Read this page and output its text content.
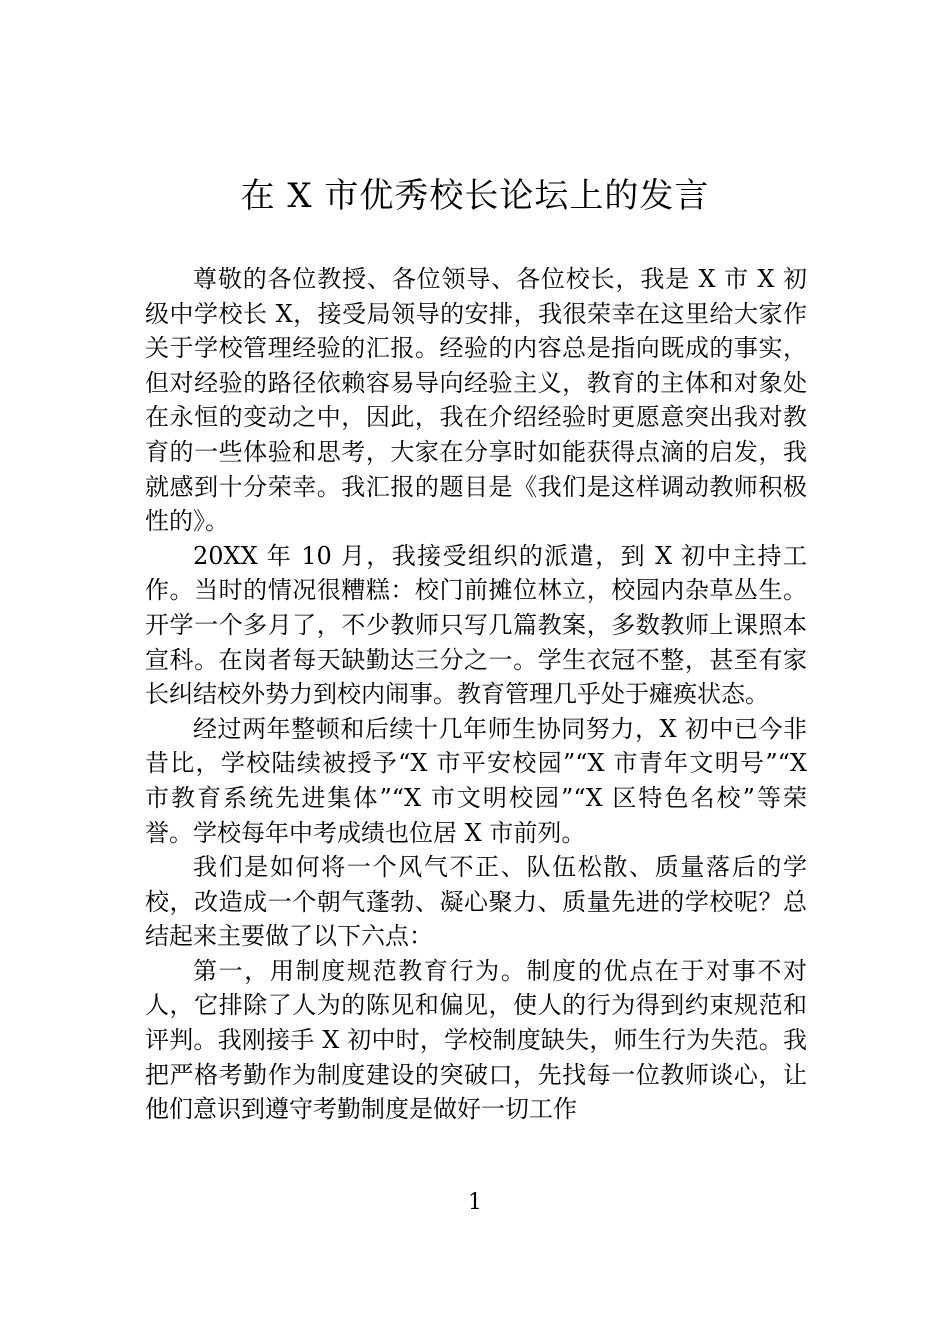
在 X 市优秀校长论坛上的发言

尊敬的各位教授、各位领导、各位校长，我是 X 市 X 初级中学校长 X，接受局领导的安排，我很荣幸在这里给大家作关于学校管理经验的汇报。经验的内容总是指向既成的事实，但对经验的路径依赖容易导向经验主义，教育的主体和对象处在永恒的变动之中，因此，我在介绍经验时更愿意突出我对教育的一些体验和思考，大家在分享时如能获得点滴的启发，我就感到十分荣幸。我汇报的题目是《我们是这样调动教师积极性的》。

20XX 年 10 月，我接受组织的派遣，到 X 初中主持工作。当时的情况很糟糕：校门前摊位林立，校园内杂草丛生。开学一个多月了，不少教师只写几篇教案，多数教师上课照本宣科。在岗者每天缺勤达三分之一。学生衣冠不整，甚至有家长纠结校外势力到校内闹事。教育管理几乎处于瘫痪状态。

经过两年整顿和后续十几年师生协同努力，X 初中已今非昔比，学校陆续被授予“X 市平安校园”“X 市青年文明号”“X 市教育系统先进集体”“X 市文明校园”“X 区特色名校”等荣誉。学校每年中考成绩也位居 X 市前列。

我们是如何将一个风气不正、队伍松散、质量落后的学校，改造成一个朝气蓬勃、凝心聚力、质量先进的学校呢？总结起来主要做了以下六点：

第一，用制度规范教育行为。制度的优点在于对事不对人，它排除了人为的陈见和偏见，使人的行为得到约束规范和评判。我刚接手 X 初中时，学校制度缺失，师生行为失范。我把严格考勤作为制度建设的突破口，先找每一位教师谈心，让他们意识到遵守考勤制度是做好一切工作

1
